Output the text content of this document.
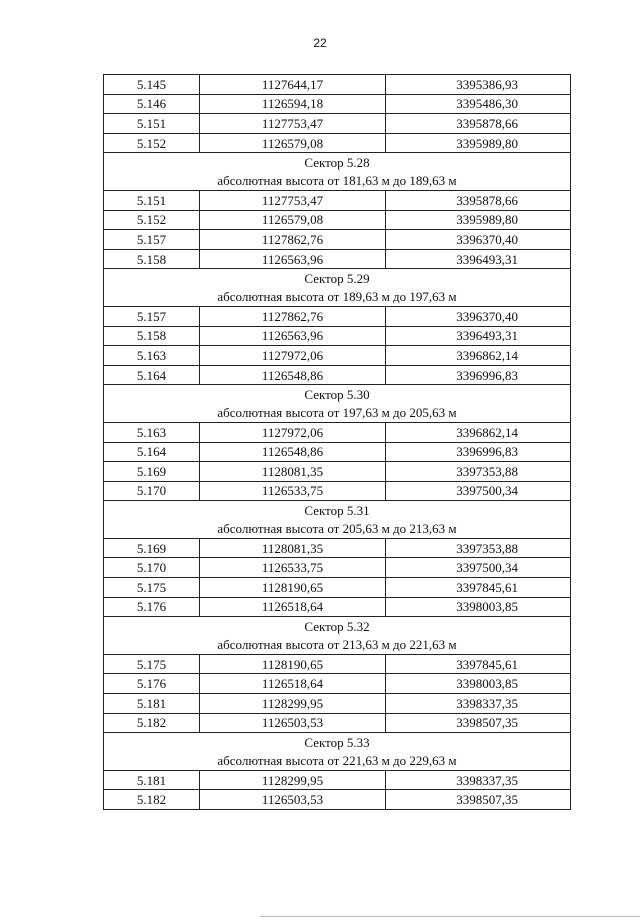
22
5.145	1127644,17	3395386,93
5.146	1126594,18	3395486,30
5.151	1127753,47	3395878,66
5.152	1126579,08	3395989,80

Сектор 5.28
абсолютная высота от 181,63 м до 189,63 м		

5.151	1127753,47	3395878,66
5.152	1126579,08	3395989,80
5.157	1127862,76	3396370,40
5.158	1126563,96	3396493,31

Сектор 5.29
абсолютная высота от 189,63 м до 197,63 м		

5.157	1127862,76	3396370,40
5.158	1126563,96	3396493,31
5.163	1127972,06	3396862,14
5.164	1126548,86	3396996,83

Сектор 5.30
абсолютная высота от 197,63 м до 205,63 м		

5.163	1127972,06	3396862,14
5.164	1126548,86	3396996,83
5.169	1128081,35	3397353,88
5.170	1126533,75	3397500,34

Сектор 5.31
абсолютная высота от 205,63 м до 213,63 м		

5.169	1128081,35	3397353,88
5.170	1126533,75	3397500,34
5.175	1128190,65	3397845,61
5.176	1126518,64	3398003,85

Сектор 5.32
абсолютная высота от 213,63 м до 221,63 м		

5.175	1128190,65	3397845,61
5.176	1126518,64	3398003,85
5.181	1128299,95	3398337,35
5.182	1126503,53	3398507,35

Сектор 5.33
абсолютная высота от 221,63 м до 229,63 м		

5.181	1128299,95	3398337,35
5.182	1126503,53	3398507,35
